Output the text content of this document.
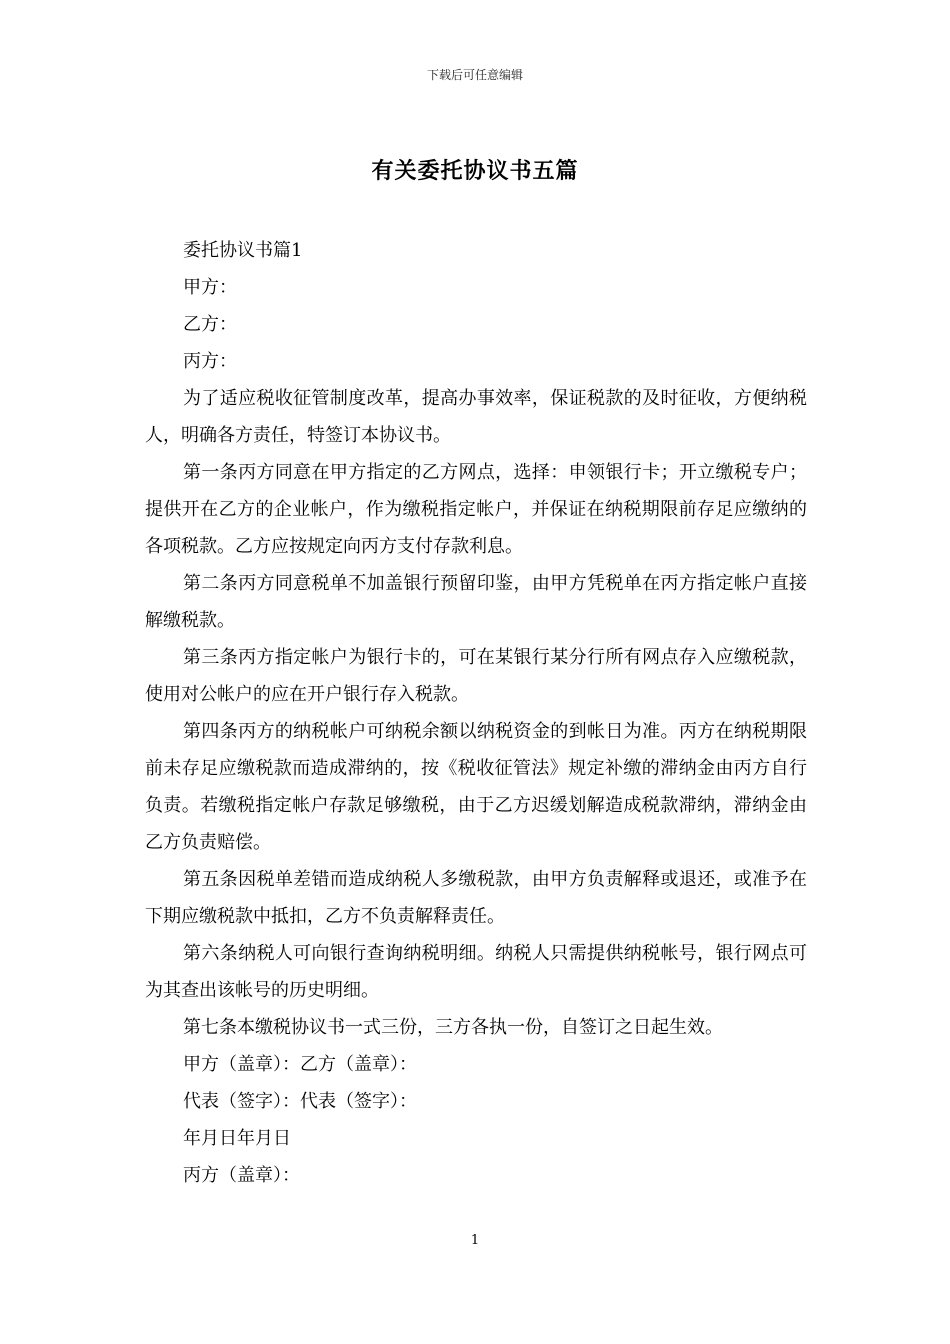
下载后可任意编辑
有关委托协议书五篇

委托协议书篇1

甲方：

乙方：

丙方：

为了适应税收征管制度改革，提高办事效率，保证税款的及时征收，方便纳税人，明确各方责任，特签订本协议书。

第一条丙方同意在甲方指定的乙方网点，选择：申领银行卡；开立缴税专户；提供开在乙方的企业帐户，作为缴税指定帐户，并保证在纳税期限前存足应缴纳的各项税款。乙方应按规定向丙方支付存款利息。

第二条丙方同意税单不加盖银行预留印鉴，由甲方凭税单在丙方指定帐户直接解缴税款。

第三条丙方指定帐户为银行卡的，可在某银行某分行所有网点存入应缴税款，使用对公帐户的应在开户银行存入税款。

第四条丙方的纳税帐户可纳税余额以纳税资金的到帐日为准。丙方在纳税期限前未存足应缴税款而造成滞纳的，按《税收征管法》规定补缴的滞纳金由丙方自行负责。若缴税指定帐户存款足够缴税，由于乙方迟缓划解造成税款滞纳，滞纳金由乙方负责赔偿。

第五条因税单差错而造成纳税人多缴税款，由甲方负责解释或退还，或准予在下期应缴税款中抵扣，乙方不负责解释责任。

第六条纳税人可向银行查询纳税明细。纳税人只需提供纳税帐号，银行网点可为其查出该帐号的历史明细。

第七条本缴税协议书一式三份，三方各执一份，自签订之日起生效。

甲方（盖章）：乙方（盖章）：

代表（签字）：代表（签字）：

年月日年月日

丙方（盖章）：

1
